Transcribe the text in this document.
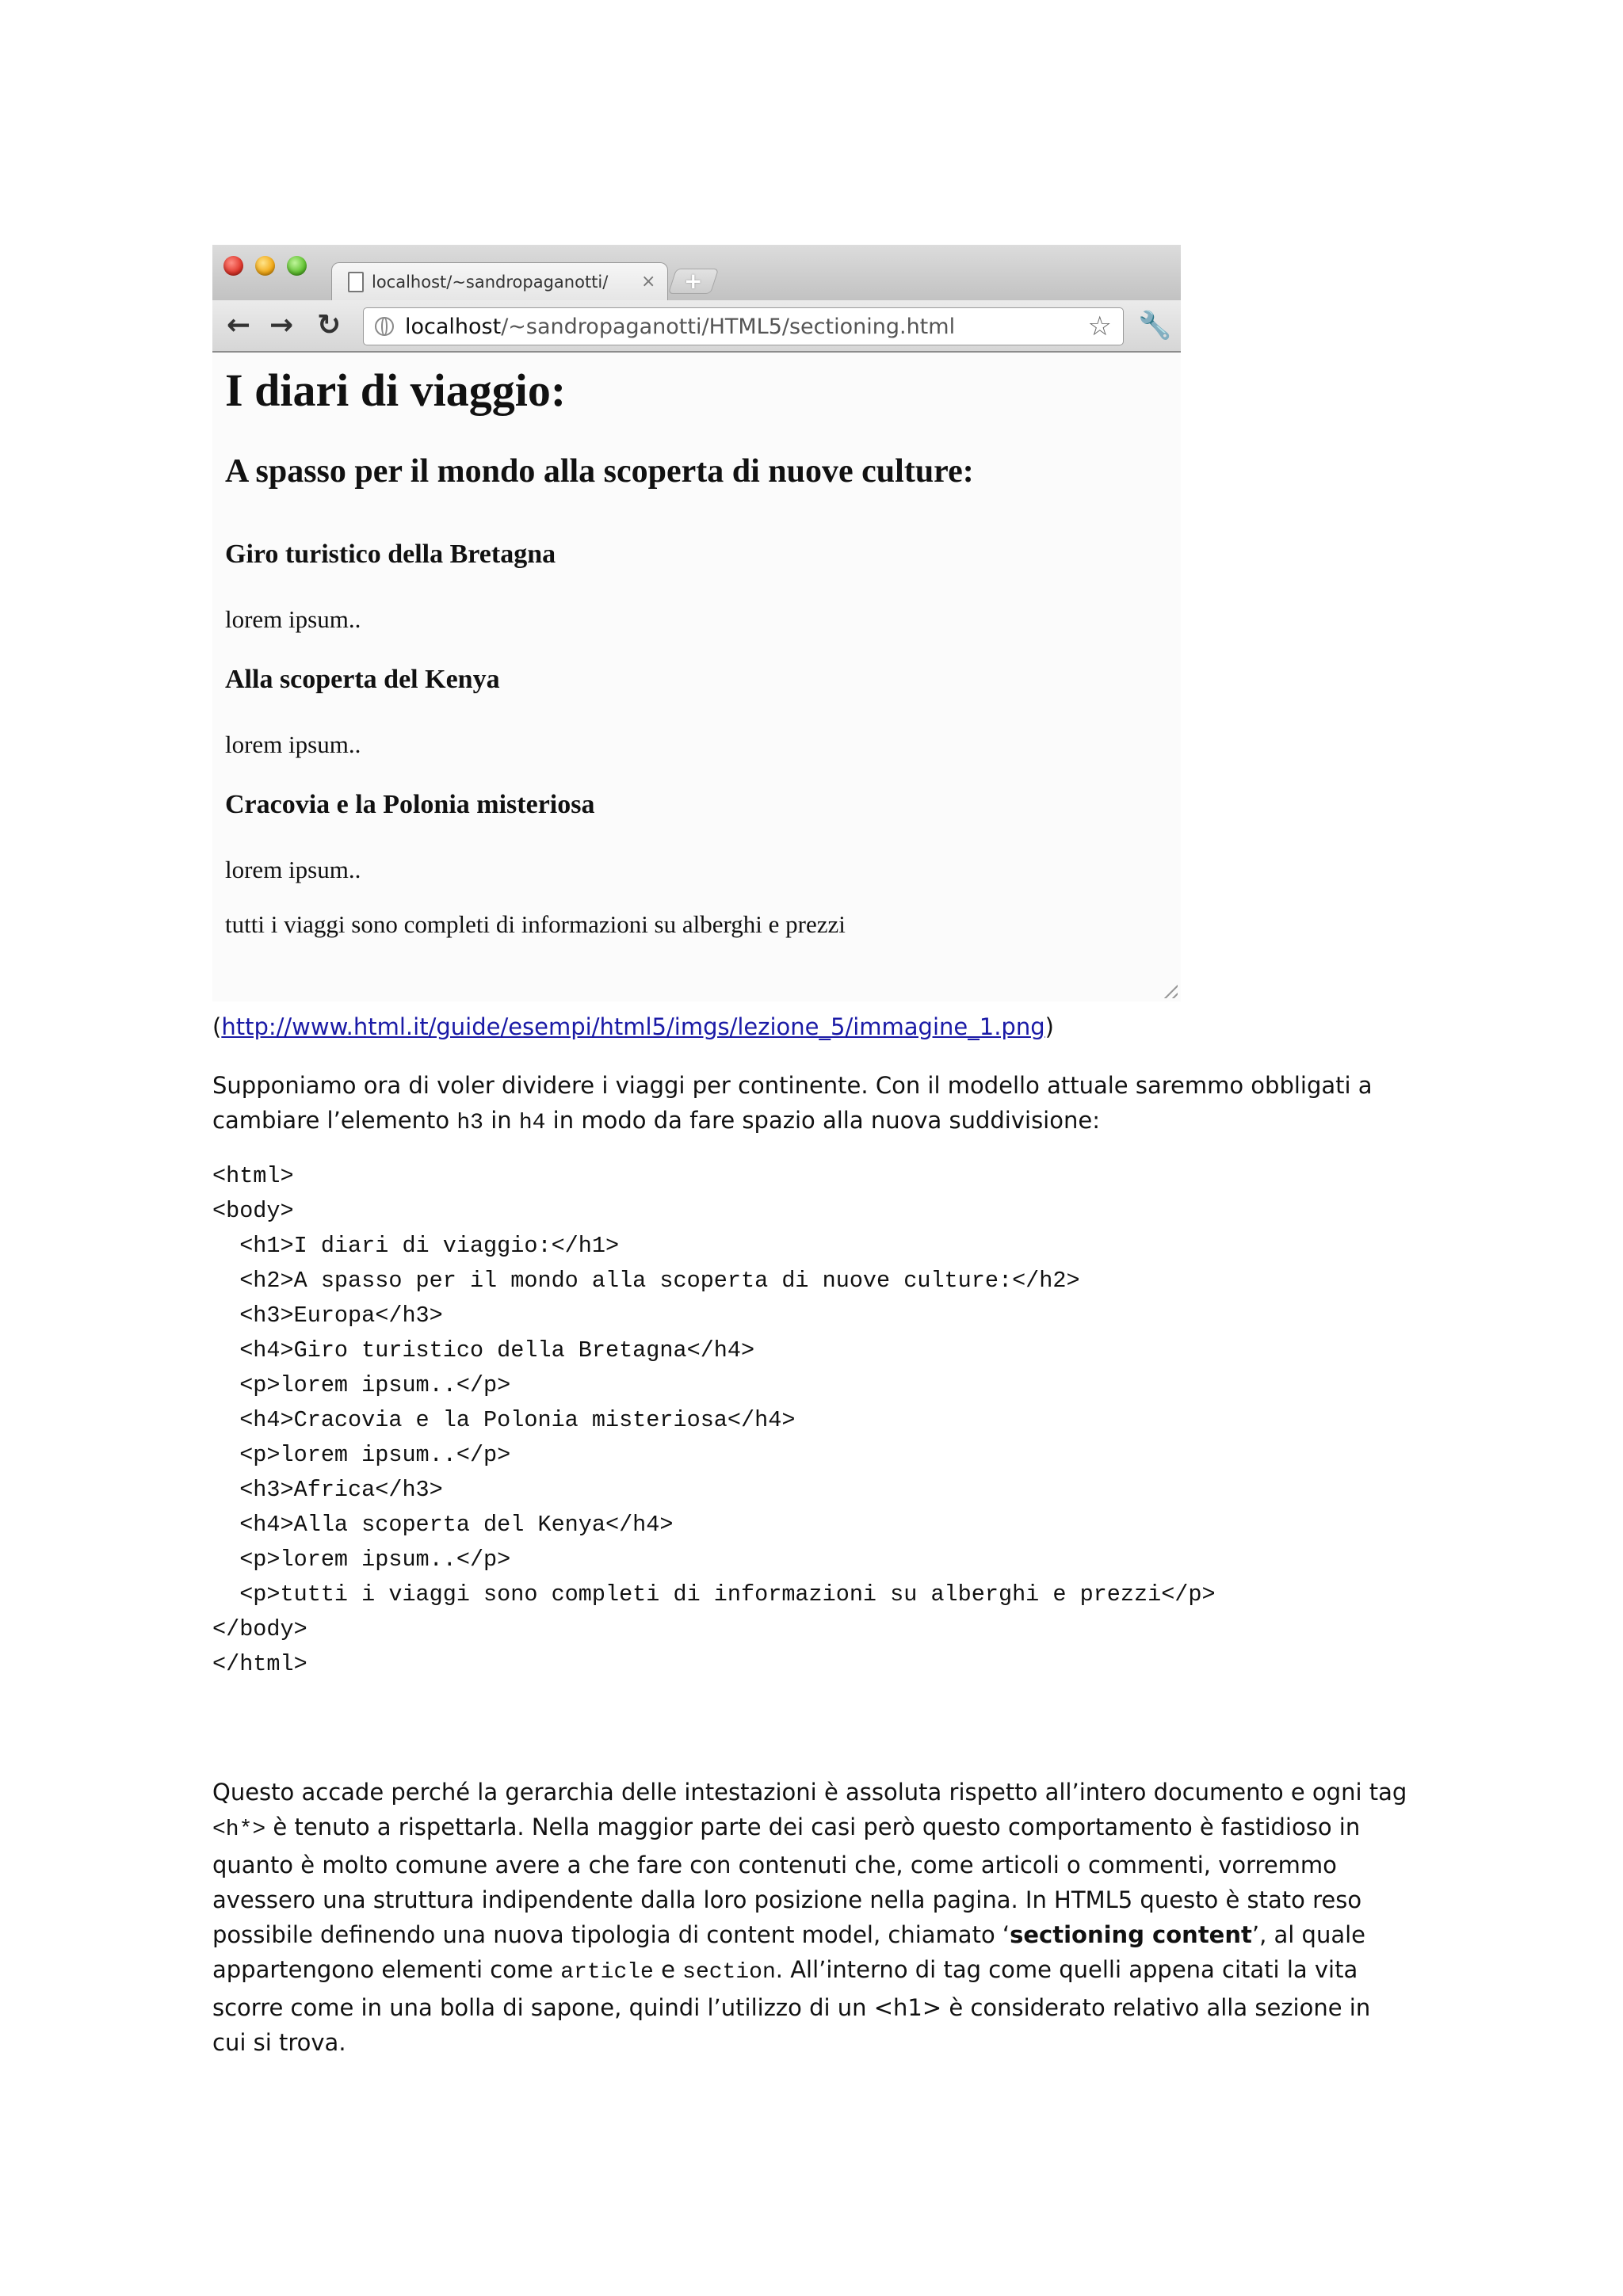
localhost/~sandropaganotti/	× +
← → ↻	localhost/~sandropaganotti/HTML5/sectioning.html	☆ 🔧
I diari di viaggio:
A spasso per il mondo alla scoperta di nuove culture:
Giro turistico della Bretagna

lorem ipsum..

Alla scoperta del Kenya

lorem ipsum..

Cracovia e la Polonia misteriosa

lorem ipsum..

tutti i viaggi sono completi di informazioni su alberghi e prezzi

(http://www.html.it/guide/esempi/html5/imgs/lezione_5/immagine_1.png)
Supponiamo ora di voler dividere i viaggi per continente. Con il modello attuale saremmo obbligati a cambiare l’elemento h3 in h4 in modo da fare spazio alla nuova suddivisione:
<html>
<body>
<h1>I diari di viaggio:</h1>
<h2>A spasso per il mondo alla scoperta di nuove culture:</h2>
<h3>Europa</h3>
<h4>Giro turistico della Bretagna</h4>
<p>lorem ipsum..</p>
<h4>Cracovia e la Polonia misteriosa</h4>
<p>lorem ipsum..</p>
<h3>Africa</h3>
<h4>Alla scoperta del Kenya</h4>
<p>lorem ipsum..</p>
<p>tutti i viaggi sono completi di informazioni su alberghi e prezzi</p>
</body>
</html>
Questo accade perché la gerarchia delle intestazioni è assoluta rispetto all’intero documento e ogni tag <h*> è tenuto a rispettarla. Nella maggior parte dei casi però questo comportamento è fastidioso in quanto è molto comune avere a che fare con contenuti che, come articoli o commenti, vorremmo avessero una struttura indipendente dalla loro posizione nella pagina. In HTML5 questo è stato reso possibile definendo una nuova tipologia di content model, chiamato ‘sectioning content’, al quale appartengono elementi come article e section. All’interno di tag come quelli appena citati la vita scorre come in una bolla di sapone, quindi l’utilizzo di un <h1> è considerato relativo alla sezione in cui si trova.
